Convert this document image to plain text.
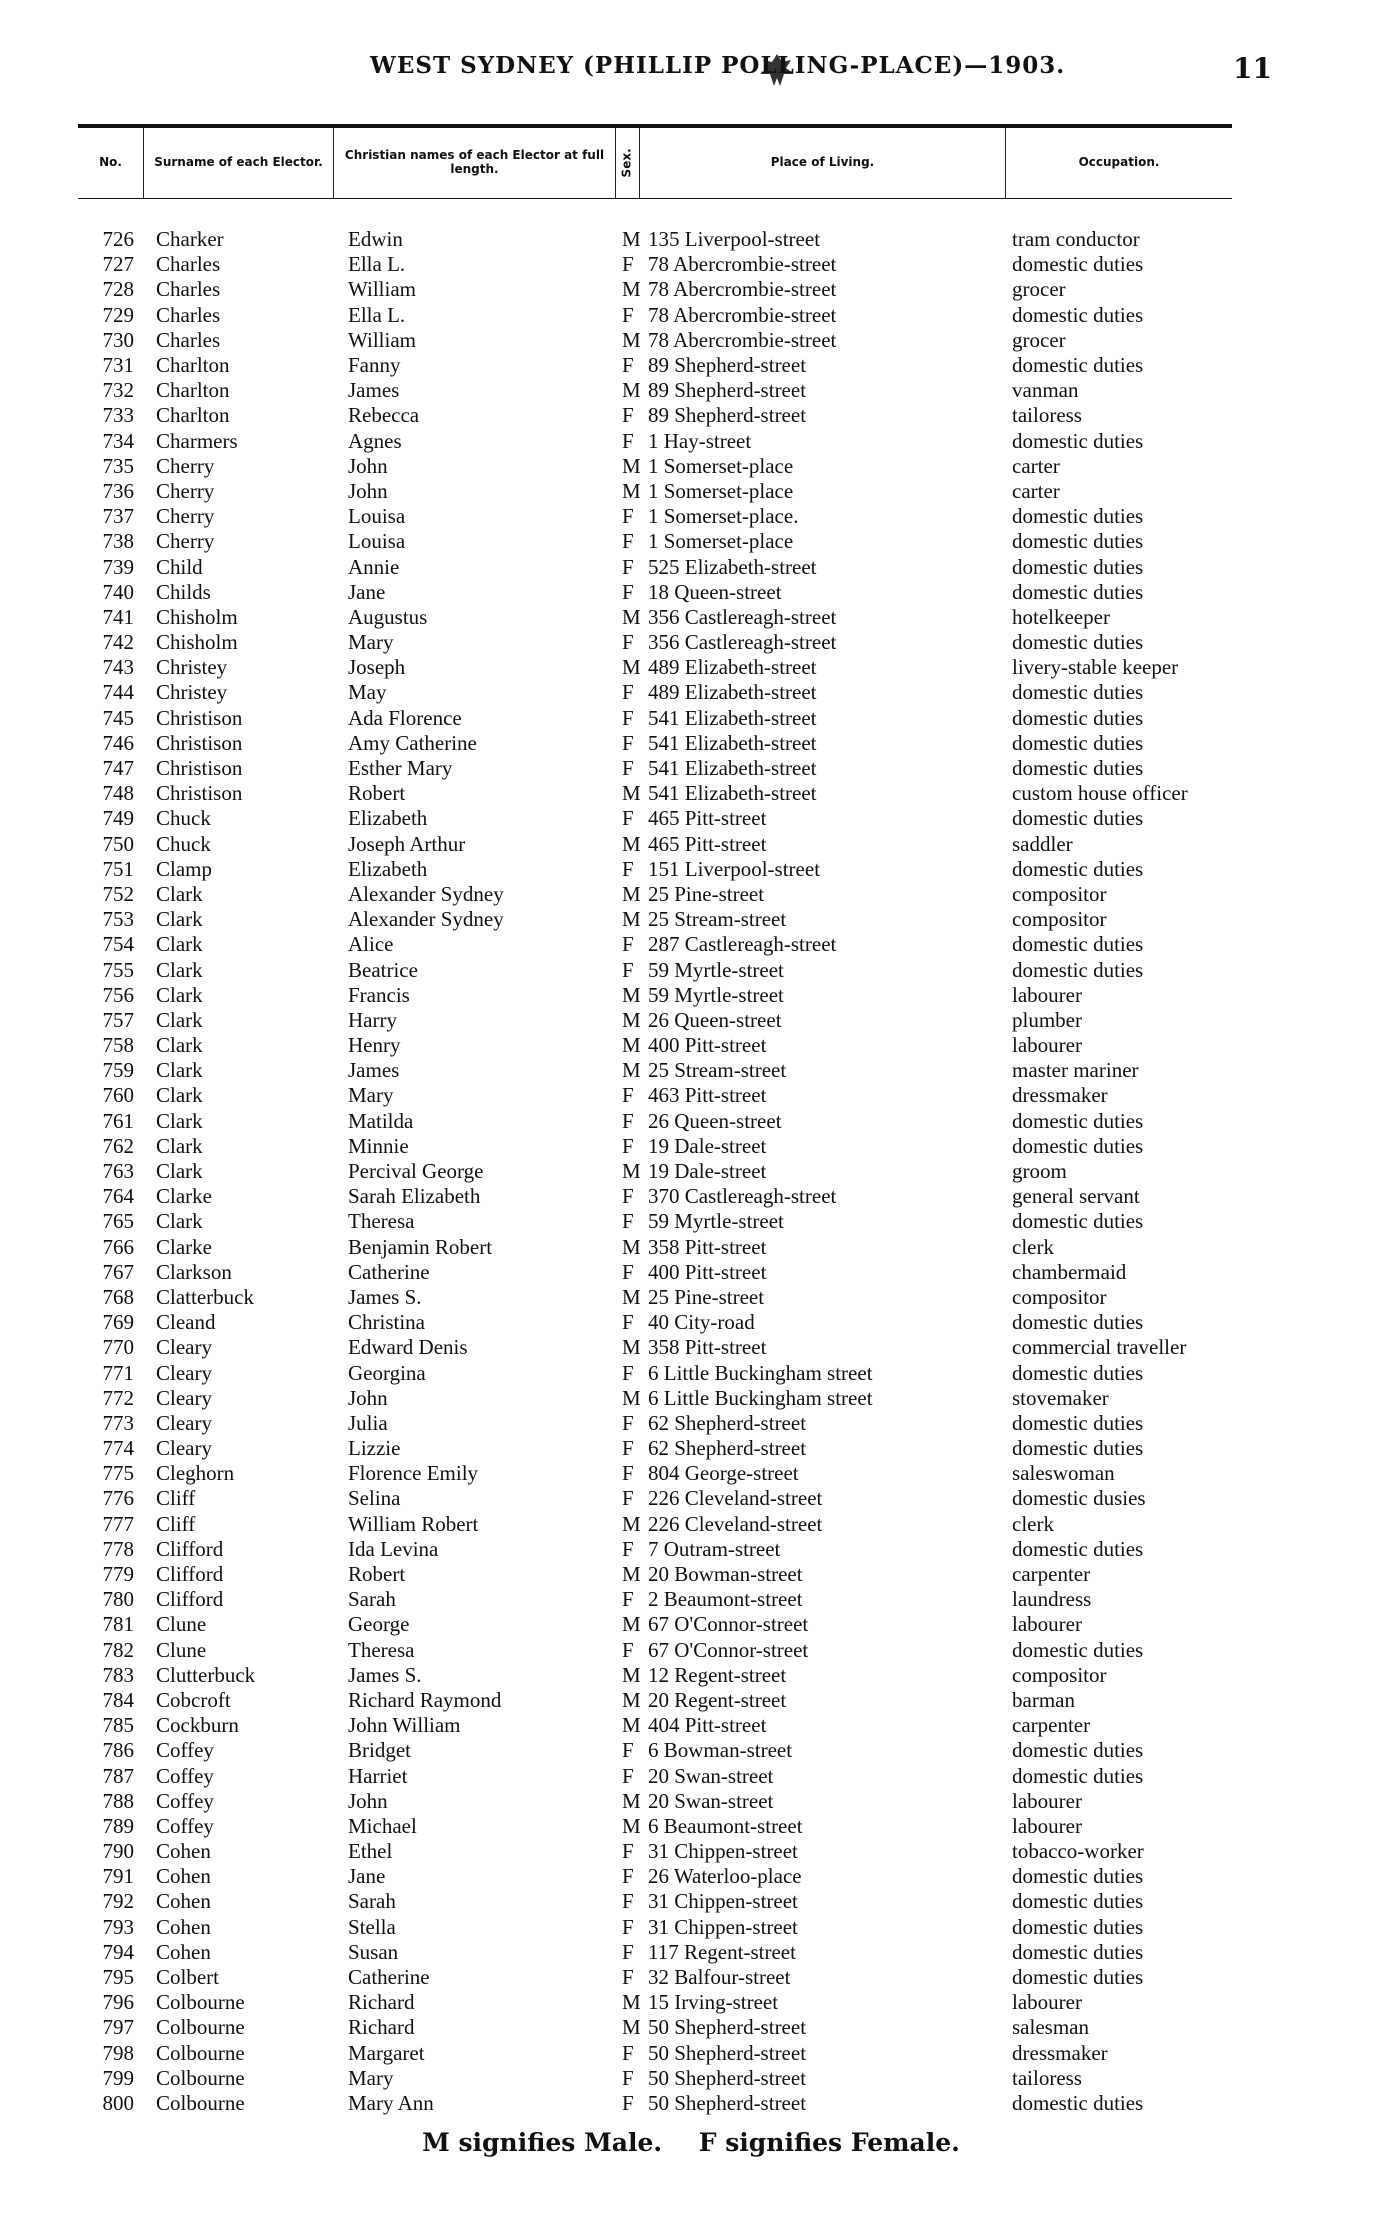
WEST SYDNEY (PHILLIP POLLING-PLACE)—1903.	11
No.	Surname of each Elector.	Christian names of each Elector at full length.	Sex.	Place of Living.	Occupation.
726	Charker	Edwin	M 135 Liverpool-street	tram conductor
727	Charles	Ella L.	F 78 Abercrombie-street	domestic duties
728	Charles	William	M 78 Abercrombie-street	grocer
729	Charles	Ella L.	F 78 Abercrombie-street	domestic duties
730	Charles	William	M 78 Abercrombie-street	grocer
731	Charlton	Fanny	F 89 Shepherd-street	domestic duties
732	Charlton	James	M 89 Shepherd-street	vanman
733	Charlton	Rebecca	F 89 Shepherd-street	tailoress
734	Charmers	Agnes	F 1 Hay-street	domestic duties
735	Cherry	John	M 1 Somerset-place	carter
736	Cherry	John	M 1 Somerset-place	carter
737	Cherry	Louisa	F 1 Somerset-place.	domestic duties
738	Cherry	Louisa	F 1 Somerset-place	domestic duties
739	Child	Annie	F 525 Elizabeth-street	domestic duties
740	Childs	Jane	F 18 Queen-street	domestic duties
741	Chisholm	Augustus	M 356 Castlereagh-street	hotelkeeper
742	Chisholm	Mary	F 356 Castlereagh-street	domestic duties
743	Christey	Joseph	M 489 Elizabeth-street	livery-stable keeper
744	Christey	May	F 489 Elizabeth-street	domestic duties
745	Christison	Ada Florence	F 541 Elizabeth-street	domestic duties
746	Christison	Amy Catherine	F 541 Elizabeth-street	domestic duties
747	Christison	Esther Mary	F 541 Elizabeth-street	domestic duties
748	Christison	Robert	M 541 Elizabeth-street	custom house officer
749	Chuck	Elizabeth	F 465 Pitt-street	domestic duties
750	Chuck	Joseph Arthur	M 465 Pitt-street	saddler
751	Clamp	Elizabeth	F 151 Liverpool-street	domestic duties
752	Clark	Alexander Sydney	M 25 Pine-street	compositor
753	Clark	Alexander Sydney	M 25 Stream-street	compositor
754	Clark	Alice	F 287 Castlereagh-street	domestic duties
755	Clark	Beatrice	F 59 Myrtle-street	domestic duties
756	Clark	Francis	M 59 Myrtle-street	labourer
757	Clark	Harry	M 26 Queen-street	plumber
758	Clark	Henry	M 400 Pitt-street	labourer
759	Clark	James	M 25 Stream-street	master mariner
760	Clark	Mary	F 463 Pitt-street	dressmaker
761	Clark	Matilda	F 26 Queen-street	domestic duties
762	Clark	Minnie	F 19 Dale-street	domestic duties
763	Clark	Percival George	M 19 Dale-street	groom
764	Clarke	Sarah Elizabeth	F 370 Castlereagh-street	general servant
765	Clark	Theresa	F 59 Myrtle-street	domestic duties
766	Clarke	Benjamin Robert	M 358 Pitt-street	clerk
767	Clarkson	Catherine	F 400 Pitt-street	chambermaid
768	Clatterbuck	James S.	M 25 Pine-street	compositor
769	Cleand	Christina	F 40 City-road	domestic duties
770	Cleary	Edward Denis	M 358 Pitt-street	commercial traveller
771	Cleary	Georgina	F 6 Little Buckingham street	domestic duties
772	Cleary	John	M 6 Little Buckingham street	stovemaker
773	Cleary	Julia	F 62 Shepherd-street	domestic duties
774	Cleary	Lizzie	F 62 Shepherd-street	domestic duties
775	Cleghorn	Florence Emily	F 804 George-street	saleswoman
776	Cliff	Selina	F 226 Cleveland-street	domestic dusies
777	Cliff	William Robert	M 226 Cleveland-street	clerk
778	Clifford	Ida Levina	F 7 Outram-street	domestic duties
779	Clifford	Robert	M 20 Bowman-street	carpenter
780	Clifford	Sarah	F 2 Beaumont-street	laundress
781	Clune	George	M 67 O'Connor-street	labourer
782	Clune	Theresa	F 67 O'Connor-street	domestic duties
783	Clutterbuck	James S.	M 12 Regent-street	compositor
784	Cobcroft	Richard Raymond	M 20 Regent-street	barman
785	Cockburn	John William	M 404 Pitt-street	carpenter
786	Coffey	Bridget	F 6 Bowman-street	domestic duties
787	Coffey	Harriet	F 20 Swan-street	domestic duties
788	Coffey	John	M 20 Swan-street	labourer
789	Coffey	Michael	M 6 Beaumont-street	labourer
790	Cohen	Ethel	F 31 Chippen-street	tobacco-worker
791	Cohen	Jane	F 26 Waterloo-place	domestic duties
792	Cohen	Sarah	F 31 Chippen-street	domestic duties
793	Cohen	Stella	F 31 Chippen-street	domestic duties
794	Cohen	Susan	F 117 Regent-street	domestic duties
795	Colbert	Catherine	F 32 Balfour-street	domestic duties
796	Colbourne	Richard	M 15 Irving-street	labourer
797	Colbourne	Richard	M 50 Shepherd-street	salesman
798	Colbourne	Margaret	F 50 Shepherd-street	dressmaker
799	Colbourne	Mary	F 50 Shepherd-street	tailoress
800	Colbourne	Mary Ann	F 50 Shepherd-street	domestic duties
M signifies Male. F signifies Female.
